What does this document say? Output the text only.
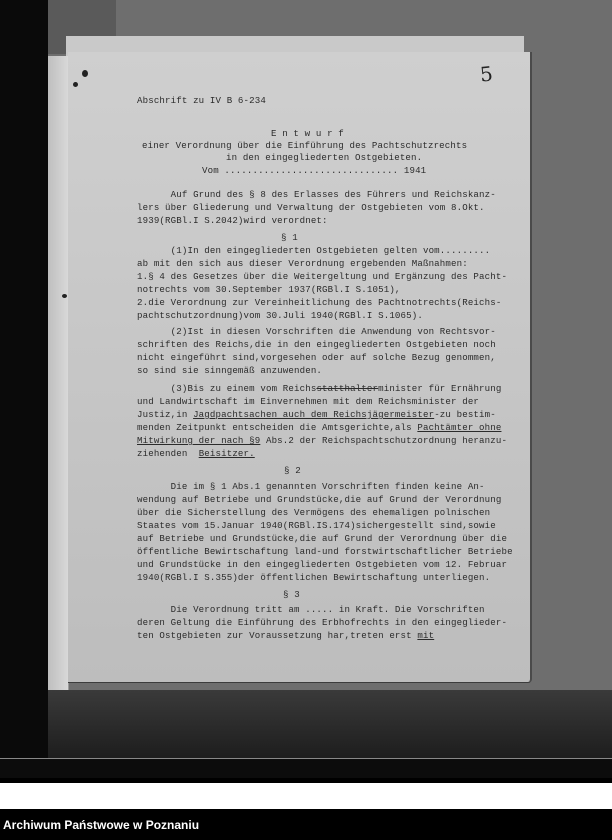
5
Abschrift zu IV B 6-234
E n t w u r f
einer Verordnung über die Einführung des Pachtschutzrechts
in den eingegliederten Ostgebieten.
Vom ............................... 1941
Auf Grund des § 8 des Erlasses des Führers und Reichskanz-
lers über Gliederung und Verwaltung der Ostgebieten vom 8.Okt.
1939(RGBl.I S.2042)wird verordnet:
§ 1
(1)In den eingegliederten Ostgebieten gelten vom.........
ab mit den sich aus dieser Verordnung ergebenden Maßnahmen:
1.§ 4 des Gesetzes über die Weitergeltung und Ergänzung des Pacht-
notrechts vom 30.September 1937(RGBl.I S.1051),
2.die Verordnung zur Vereinheitlichung des Pachtnotrechts(Reichs-
pachtschutzordnung)vom 30.Juli 1940(RGBl.I S.1065).
(2)Ist in diesen Vorschriften die Anwendung von Rechtsvor-
schriften des Reichs,die in den eingegliederten Ostgebieten noch
nicht eingeführt sind,vorgesehen oder auf solche Bezug genommen,
so sind sie sinngemäß anzuwenden.
(3)Bis zu einem vom Reichsstatthalterminister für Ernährung
und Landwirtschaft im Einvernehmen mit dem Reichsminister der
Justiz,in Jagdpachtsachen auch dem Reichsjägermeister-zu bestim-
menden Zeitpunkt entscheiden die Amtsgerichte,als Pachtämter ohne
Mitwirkung der nach §9 Abs.2 der Reichspachtschutzordnung heranzu-
ziehenden  Beisitzer.
§ 2
Die im § 1 Abs.1 genannten Vorschriften finden keine An-
wendung auf Betriebe und Grundstücke,die auf Grund der Verordnung
über die Sicherstellung des Vermögens des ehemaligen polnischen
Staates vom 15.Januar 1940(RGBl.IS.174)sichergestellt sind,sowie
auf Betriebe und Grundstücke,die auf Grund der Verordnung über die
öffentliche Bewirtschaftung land-und forstwirtschaftlicher Betriebe
und Grundstücke in den eingegliederten Ostgebieten vom 12. Februar
1940(RGBl.I S.355)der öffentlichen Bewirtschaftung unterliegen.
§ 3
Die Verordnung tritt am ..... in Kraft. Die Vorschriften
deren Geltung die Einführung des Erbhofrechts in den eingeglieder-
ten Ostgebieten zur Voraussetzung har,treten erst mit
Archiwum Państwowe w Poznaniu
